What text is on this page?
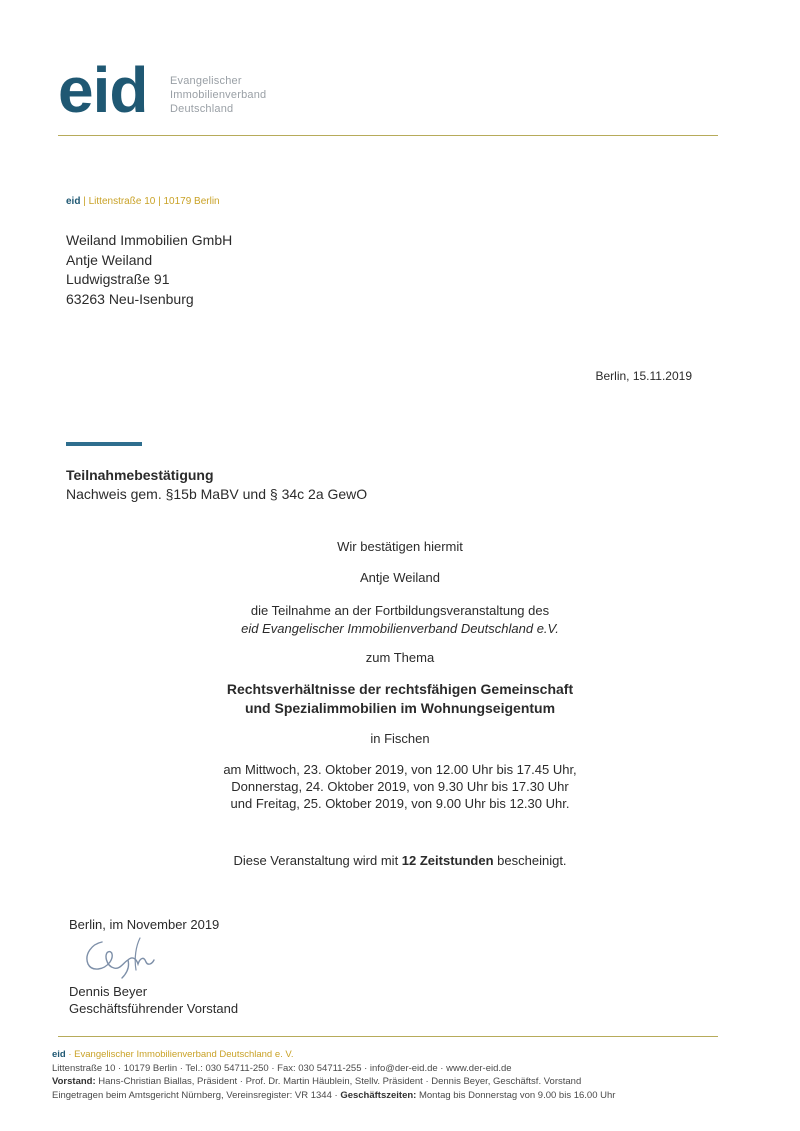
eid Evangelischer
Immobilienverband
Deutschland
eid | Littenstraße 10 | 10179 Berlin
Weiland Immobilien GmbH
Antje Weiland
Ludwigstraße 91
63263 Neu-Isenburg
Berlin, 15.11.2019
Teilnahmebestätigung
Nachweis gem. §15b MaBV und § 34c 2a GewO
Wir bestätigen hiermit
Antje Weiland
die Teilnahme an der Fortbildungsveranstaltung des
eid Evangelischer Immobilienverband Deutschland e.V.
zum Thema
Rechtsverhältnisse der rechtsfähigen Gemeinschaft
und Spezialimmobilien im Wohnungseigentum
in Fischen
am Mittwoch, 23. Oktober 2019, von 12.00 Uhr bis 17.45 Uhr,
Donnerstag, 24. Oktober 2019, von 9.30 Uhr bis 17.30 Uhr
und Freitag, 25. Oktober 2019, von 9.00 Uhr bis 12.30 Uhr.
Diese Veranstaltung wird mit 12 Zeitstunden bescheinigt.
Berlin, im November 2019
Dennis Beyer
Geschäftsführender Vorstand
eid · Evangelischer Immobilienverband Deutschland e. V.
Littenstraße 10 · 10179 Berlin · Tel.: 030 54711-250 · Fax: 030 54711-255 · info@der-eid.de · www.der-eid.de
Vorstand: Hans-Christian Biallas, Präsident · Prof. Dr. Martin Häublein, Stellv. Präsident · Dennis Beyer, Geschäftsf. Vorstand
Eingetragen beim Amtsgericht Nürnberg, Vereinsregister: VR 1344 · Geschäftszeiten: Montag bis Donnerstag von 9.00 bis 16.00 Uhr
